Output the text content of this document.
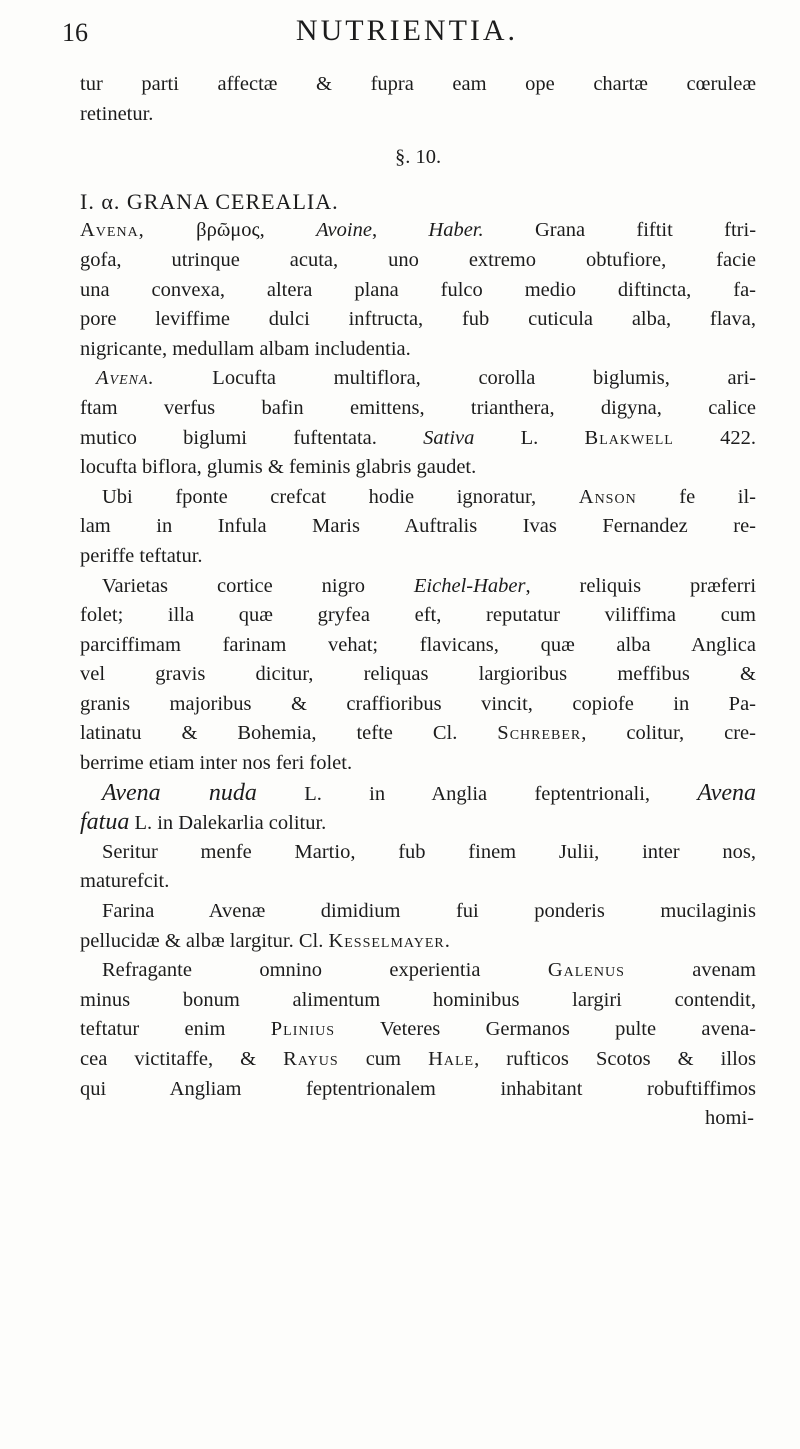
16	NUTRIENTIA.
tur parti affectæ & fupra eam ope chartæ cœruleæ
retinetur.
§. 10.
I. α. GRANA CEREALIA.
Avena,	βρῶμος,	Avoine, Haber. Grana fiftit ftri-
gofa, utrinque acuta, uno extremo obtufiore, facie
una convexa, altera plana fulco medio diftincta, fa-
pore leviffime dulci inftructa, fub cuticula alba, flava,
nigricante, medullam albam includentia.
Avena. Locufta multiflora, corolla biglumis, ari-
ftam verfus bafin emittens, trianthera, digyna, calice
mutico biglumi fuftentata. Sativa L. Blakwell 422.
locufta biflora, glumis & feminis glabris gaudet.
Ubi fponte crefcat hodie ignoratur, Anson fe il-
lam in Infula Maris Auftralis Ivas Fernandez re-
periffe teftatur.
Varietas cortice nigro Eichel-Haber, reliquis præferri
folet; illa quæ gryfea eft, reputatur viliffima cum
parciffimam farinam vehat; flavicans, quæ alba Anglica
vel gravis dicitur, reliquas largioribus meffibus &
granis majoribus & craffioribus vincit, copiofe in Pa-
latinatu & Bohemia, tefte Cl. Schreber, colitur, cre-
berrime etiam inter nos feri folet.
Avena nuda L. in Anglia feptentrionali, Avena
fatua L. in Dalekarlia colitur.
Seritur menfe Martio, fub finem Julii, inter nos,
maturefcit.
Farina Avenæ dimidium fui ponderis mucilaginis
pellucidæ & albæ largitur. Cl. Kesselmayer.
Refragante omnino experientia Galenus avenam
minus bonum alimentum hominibus largiri contendit,
teftatur enim Plinius Veteres Germanos pulte avena-
cea victitaffe, & Rayus cum Hale, rufticos Scotos & illos
qui Angliam feptentrionalem inhabitant robuftiffimos
homi-
